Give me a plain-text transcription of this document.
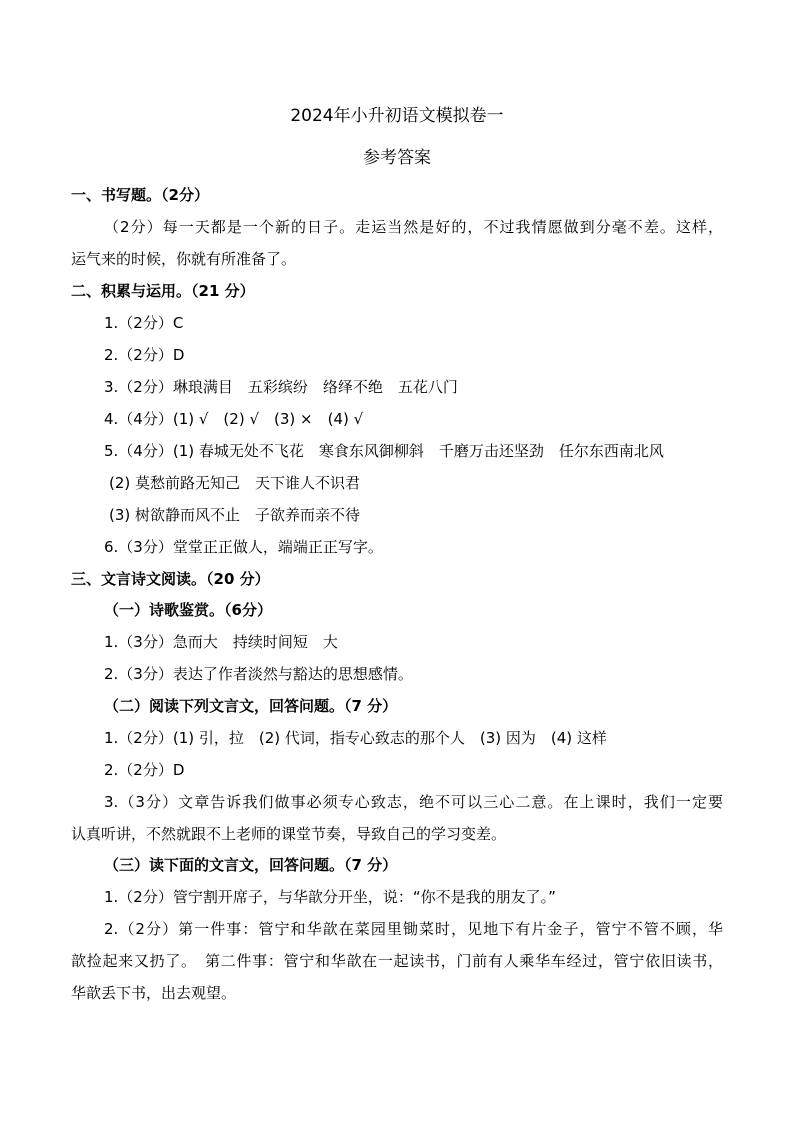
2024年小升初语文模拟卷一
参考答案
一、书写题。（2分）
（2分）每一天都是一个新的日子。走运当然是好的，不过我情愿做到分毫不差。这样，
运气来的时候，你就有所准备了。
二、积累与运用。（21 分）
1.（2分）C
2.（2分）D
3.（2分）琳琅满目　五彩缤纷　络绎不绝　五花八门
4.（4分）(1) √　(2) √　(3) ×　(4) √
5.（4分）(1) 春城无处不飞花　寒食东风御柳斜　千磨万击还坚劲　任尔东西南北风
(2) 莫愁前路无知己　天下谁人不识君
(3) 树欲静而风不止　子欲养而亲不待
6.（3分）堂堂正正做人，端端正正写字。
三、文言诗文阅读。（20 分）
（一）诗歌鉴赏。（6分）
1.（3分）急而大　持续时间短　大
2.（3分）表达了作者淡然与豁达的思想感情。
（二）阅读下列文言文，回答问题。（7 分）
1.（2分）(1) 引，拉　(2) 代词，指专心致志的那个人　(3) 因为　(4) 这样
2.（2分）D
3.（3分）文章告诉我们做事必须专心致志，绝不可以三心二意。在上课时，我们一定要
认真听讲，不然就跟不上老师的课堂节奏，导致自己的学习变差。
（三）读下面的文言文，回答问题。（7 分）
1.（2分）管宁割开席子，与华歆分开坐，说：“你不是我的朋友了。”
2.（2分）第一件事：管宁和华歆在菜园里锄菜时，见地下有片金子，管宁不管不顾，华
歆捡起来又扔了。　第二件事：管宁和华歆在一起读书，门前有人乘华车经过，管宁依旧读书，
华歆丢下书，出去观望。
